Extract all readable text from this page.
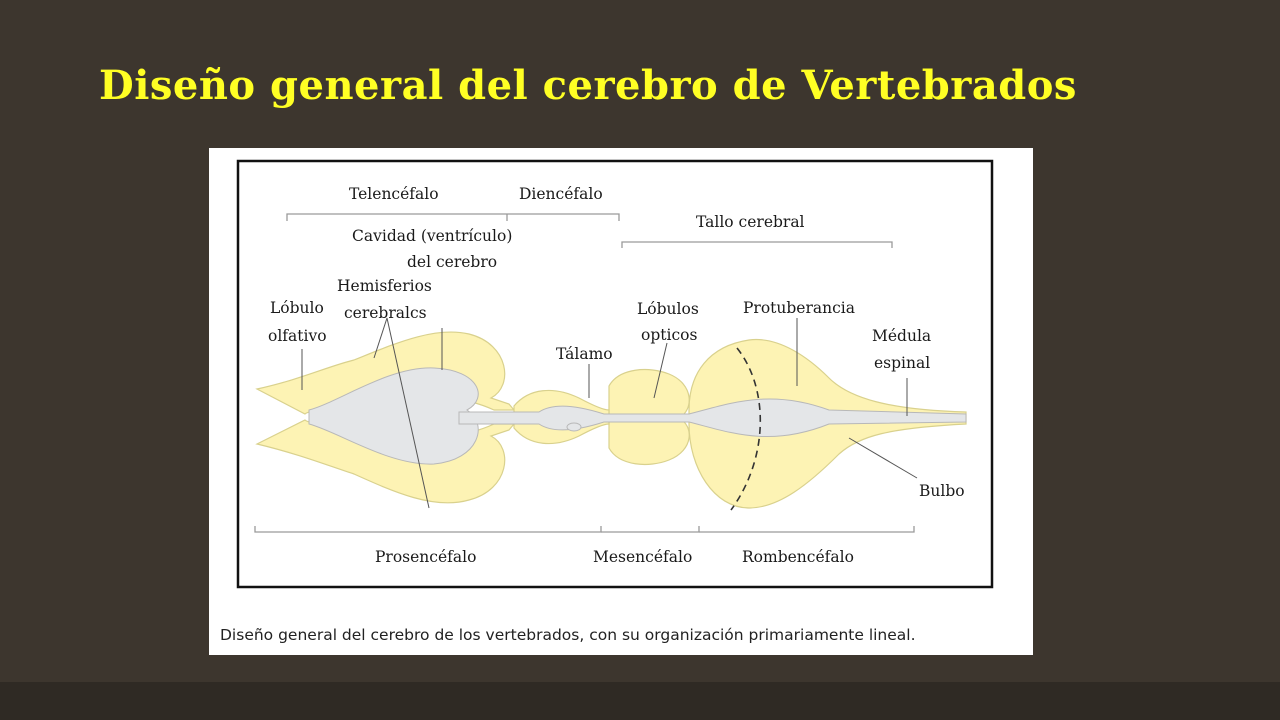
Diseño general del cerebro de Vertebrados
Telencéfalo	Diencéfalo
Tallo cerebral
Cavidad (ventrículo)
del cerebro
Hemisferios
cerebralcs
Lóbulo
olfativo
Tálamo
Lóbulos
opticos
Protuberancia
Médula
espinal
Bulbo
Prosencéfalo	Mesencéfalo	Rombencéfalo
Diseño general del cerebro de los vertebrados, con su organización primariamente lineal.
